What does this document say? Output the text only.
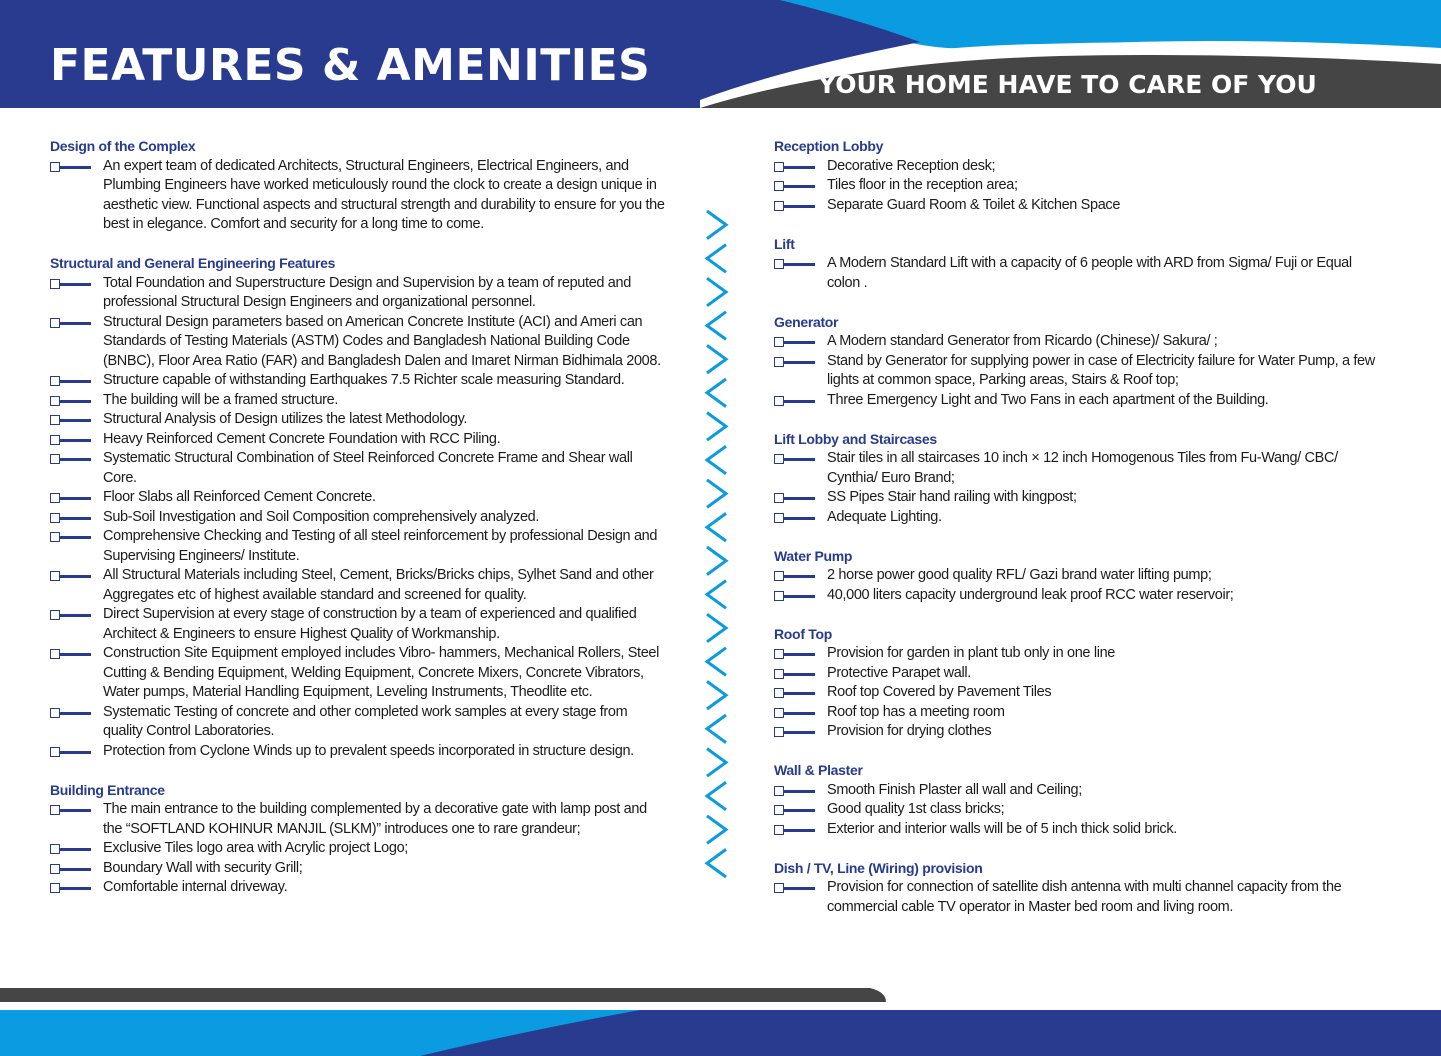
FEATURES & AMENITIES	YOUR HOME HAVE TO CARE OF YOU
Design of the Complex
An expert team of dedicated Architects, Structural Engineers, Electrical Engineers, and Plumbing Engineers have worked meticulously round the clock to create a design unique in aesthetic view. Functional aspects and structural strength and durability to ensure for you the best in elegance. Comfort and security for a long time to come.
Structural and General Engineering Features
Total Foundation and Superstructure Design and Supervision by a team of reputed and professional Structural Design Engineers and organizational personnel.
Structural Design parameters based on American Concrete Institute (ACI) and Ameri can Standards of Testing Materials (ASTM) Codes and Bangladesh National Building Code (BNBC), Floor Area Ratio (FAR) and Bangladesh Dalen and Imaret Nirman Bidhimala 2008.
Structure capable of withstanding Earthquakes 7.5 Richter scale measuring Standard.
The building will be a framed structure.
Structural Analysis of Design utilizes the latest Methodology.
Heavy Reinforced Cement Concrete Foundation with RCC Piling.
Systematic Structural Combination of Steel Reinforced Concrete Frame and Shear wall Core.
Floor Slabs all Reinforced Cement Concrete.
Sub-Soil Investigation and Soil Composition comprehensively analyzed.
Comprehensive Checking and Testing of all steel reinforcement by professional Design and Supervising Engineers/ Institute.
All Structural Materials including Steel, Cement, Bricks/Bricks chips, Sylhet Sand and other Aggregates etc of highest available standard and screened for quality.
Direct Supervision at every stage of construction by a team of experienced and qualified Architect & Engineers to ensure Highest Quality of Workmanship.
Construction Site Equipment employed includes Vibro- hammers, Mechanical Rollers, Steel Cutting & Bending Equipment, Welding Equipment, Concrete Mixers, Concrete Vibrators, Water pumps, Material Handling Equipment, Leveling Instruments, Theodlite etc.
Systematic Testing of concrete and other completed work samples at every stage from quality Control Laboratories.
Protection from Cyclone Winds up to prevalent speeds incorporated in structure design.
Building Entrance
The main entrance to the building complemented by a decorative gate with lamp post and the “SOFTLAND KOHINUR MANJIL (SLKM)” introduces one to rare grandeur;
Exclusive Tiles logo area with Acrylic project Logo;
Boundary Wall with security Grill;
Comfortable internal driveway.
Reception Lobby
Decorative Reception desk;
Tiles floor in the reception area;
Separate Guard Room & Toilet & Kitchen Space
Lift
A Modern Standard Lift with a capacity of 6 people with ARD from Sigma/ Fuji or Equal colon .
Generator
A Modern standard Generator from Ricardo (Chinese)/ Sakura/ ;
Stand by Generator for supplying power in case of Electricity failure for Water Pump, a few lights at common space, Parking areas, Stairs & Roof top;
Three Emergency Light and Two Fans in each apartment of the Building.
Lift Lobby and Staircases
Stair tiles in all staircases 10 inch × 12 inch Homogenous Tiles from Fu-Wang/ CBC/ Cynthia/ Euro Brand;
SS Pipes Stair hand railing with kingpost;
Adequate Lighting.
Water Pump
2 horse power good quality RFL/ Gazi brand water lifting pump;
40,000 liters capacity underground leak proof RCC water reservoir;
Roof Top
Provision for garden in plant tub only in one line
Protective Parapet wall.
Roof top Covered by Pavement Tiles
Roof top has a meeting room
Provision for drying clothes
Wall & Plaster
Smooth Finish Plaster all wall and Ceiling;
Good quality 1st class bricks;
Exterior and interior walls will be of 5 inch thick solid brick.
Dish / TV, Line (Wiring) provision
Provision for connection of satellite dish antenna with multi channel capacity from the commercial cable TV operator in Master bed room and living room.
